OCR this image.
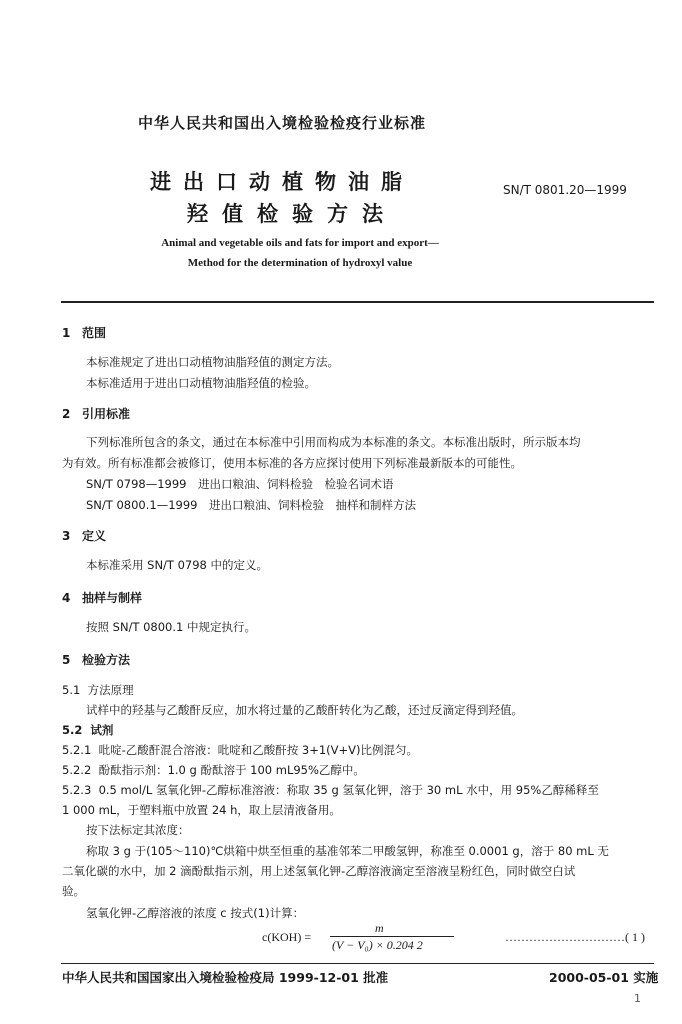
中华人民共和国出入境检验检疫行业标准
进出口动植物油脂
羟值检验方法
SN/T 0801.20—1999
Animal and vegetable oils and fats for import and export—
Method for the determination of hydroxyl value
1 范围
本标准规定了进出口动植物油脂羟值的测定方法。
本标准适用于进出口动植物油脂羟值的检验。
2 引用标准
下列标准所包含的条文，通过在本标准中引用而构成为本标准的条文。本标准出版时，所示版本均
为有效。所有标准都会被修订，使用本标准的各方应探讨使用下列标准最新版本的可能性。
SN/T 0798—1999　进出口粮油、饲料检验　检验名词术语
SN/T 0800.1—1999　进出口粮油、饲料检验　抽样和制样方法
3 定义
本标准采用 SN/T 0798 中的定义。
4 抽样与制样
按照 SN/T 0800.1 中规定执行。
5 检验方法
5.1 方法原理
试样中的羟基与乙酸酐反应，加水将过量的乙酸酐转化为乙酸，还过反滴定得到羟值。
5.2 试剂
5.2.1 吡啶-乙酸酐混合溶液：吡啶和乙酸酐按 3+1(V+V)比例混匀。
5.2.2 酚酞指示剂：1.0 g 酚酞溶于 100 mL95%乙醇中。
5.2.3 0.5 mol/L 氢氧化钾-乙醇标准溶液：称取 35 g 氢氧化钾，溶于 30 mL 水中，用 95%乙醇稀释至
1 000 mL，于塑料瓶中放置 24 h，取上层清液备用。
按下法标定其浓度：
称取 3 g 于(105～110)℃烘箱中烘至恒重的基准邻苯二甲酸氢钾，称准至 0.0001 g，溶于 80 mL 无
二氧化碳的水中，加 2 滴酚酞指示剂，用上述氢氧化钾-乙醇溶液滴定至溶液呈粉红色，同时做空白试
验。
氢氧化钾-乙醇溶液的浓度 c 按式(1)计算：
c(KOH) =
m
(V − V₀) × 0.204 2
…………………………( 1 )
中华人民共和国国家出入境检验检疫局 1999-12-01 批准	2000-05-01 实施
1
